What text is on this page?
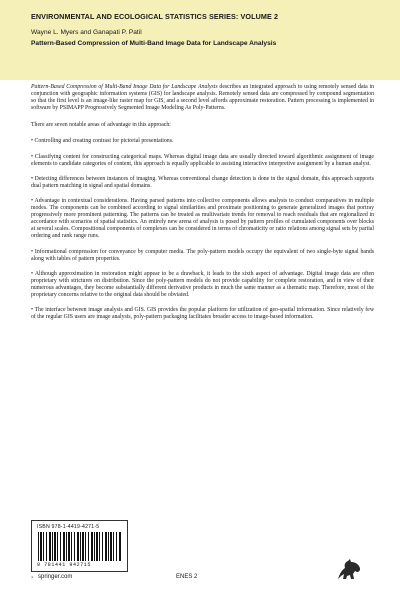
ENVIRONMENTAL AND ECOLOGICAL STATISTICS SERIES: VOLUME 2
Wayne L. Myers and Ganapati P. Patil
Pattern-Based Compression of Multi-Band Image Data for Landscape Analysis

Pattern-Based Compression of Multi-Band Image Data for Landscape Analysis describes an integrated approach to using remotely sensed data in conjunction with geographic information systems (GIS) for landscape analysis. Remotely sensed data are compressed by compound segmentation so that the first level is an image-like raster map for GIS, and a second level affords approximate restoration. Pattern processing is implemented in software by PSIMAPP Progressively Segmented Image Modeling As Poly-Patterns.

There are seven notable areas of advantage in this approach:

• Controlling and creating contrast for pictorial presentations.

• Classifying content for constructing categorical maps. Whereas digital image data are usually directed toward algorithmic assignment of image elements to candidate categories of content, this approach is equally applicable to assisting interactive interpretive assignment by a human analyst.

• Detecting differences between instances of imaging. Whereas conventional change detection is done in the signal domain, this approach supports dual pattern matching in signal and spatial domains.

• Advantage in contextual considerations. Having parsed patterns into collective components allows analysts to conduct comparatives in multiple modes. The components can be combined according to signal similarities and proximate positioning to generate generalized images that portray progressively more prominent patterning. The patterns can be treated as multivariate trends for removal to reach residuals that are regionalized in accordance with scenarios of spatial statistics. An entirely new arena of analysis is posed by pattern profiles of cumulated components over blocks at several scales. Compositional components of complexes can be considered in terms of chromaticity or ratio relations among signal sets by partial ordering and rank range runs.

• Informational compression for conveyance by computer media. The poly-pattern models occupy the equivalent of two single-byte signal bands along with tables of pattern properties.

• Although approximation in restoration might appear to be a drawback, it leads to the sixth aspect of advantage. Digital image data are often proprietary with strictures on distribution. Since the poly-pattern models do not provide capability for complete restoration, and in view of their numerous advantages, they become substantially different derivative products in much the same manner as a thematic map. Therefore, most of the proprietary concerns relative to the original data should be obviated.

• The interface between image analysis and GIS. GIS provides the popular platform for utilization of geo-spatial information. Since relatively few of the regular GIS users are image analysts, poly-pattern packaging facilitates broader access to image-based information.

ISBN 978-1-4419-4271-5
9 781441 942715
› springer.com	ENES 2
